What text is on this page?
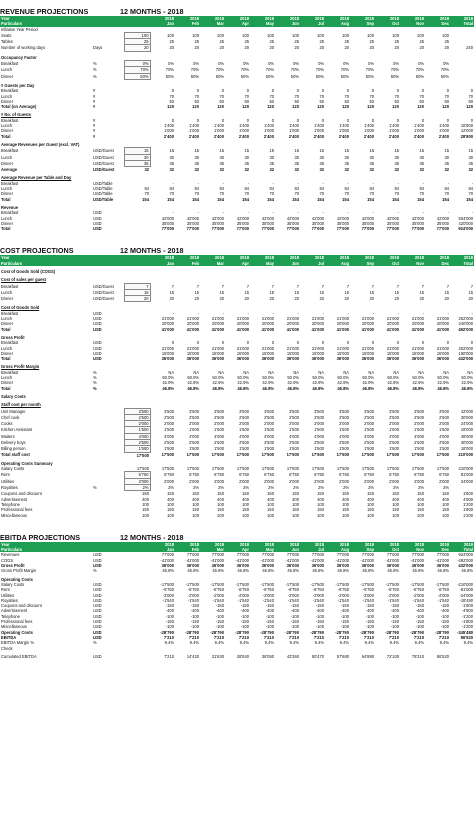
REVENUE PROJECTIONS	12 MONTHS - 2018
Year			2018	2018	2018	2018	2018	2018	2018	2018	2018	2018	2018	2018	2018
Particulars			Jan	Feb	Mar	Apr	May	Jun	Jul	Aug	Sep	Oct	Nov	Dec	Total
Inflation Year Period															
Seats		100	100	100	100	100	100	100	100	100	100	100	100	100	
Tables		25	25	25	25	25	25	25	25	25	25	25	25	25	
Number of working days	Days	20	20	20	20	20	20	20	20	20	20	20	20	20	240

Occupancy Factor															
Breakfast	%	0%	0%	0%	0%	0%	0%	0%	0%	0%	0%	0%	0%	0%	
Lunch	%	70%	70%	70%	70%	70%	70%	70%	70%	70%	70%	70%	70%	70%	
Dinner	%	50%	50%	50%	50%	50%	50%	50%	50%	50%	50%	50%	50%	50%	

# Guests per Day															
Breakfast	#		0	0	0	0	0	0	0	0	0	0	0	0	0
Lunch	#		70	70	70	70	70	70	70	70	70	70	70	70	70
Dinner	#		50	50	50	50	50	50	50	50	50	50	50	50	50
Total (on Average)	#		120	120	120	120	120	120	120	120	120	120	120	120	120

# No. of Guests															
Breakfast	#		0	0	0	0	0	0	0	0	0	0	0	0	0
Lunch	#		1'400	1'400	1'400	1'400	1'400	1'400	1'400	1'400	1'400	1'400	1'400	1'400	16'800
Dinner	#		1'000	1'000	1'000	1'000	1'000	1'000	1'000	1'000	1'000	1'000	1'000	1'000	12'000
Total	#		2'400	2'400	2'400	2'400	2'400	2'400	2'400	2'400	2'400	2'400	2'400	2'400	28'800

Average Revenues per Guest (excl. VAT)															
Breakfast	USD/Guest	15	15	15	15	15	15	15	15	15	15	15	15	15	15
Lunch	USD/Guest	30	30	30	30	30	30	30	30	30	30	30	30	30	30
Dinner	USD/Guest	35	35	35	35	35	35	35	35	35	35	35	35	35	35
Average	USD/Guest	32	32	32	32	32	32	32	32	32	32	32	32	32	32

Average Revenue per Table and Day															
Breakfast	USD/Table		-	-	-	-	-	-	-	-	-	-	-	-	-
Lunch	USD/Table	84	84	84	84	84	84	84	84	84	84	84	84	84	84
Dinner	USD/Table	70	70	70	70	70	70	70	70	70	70	70	70	70	70
Total	USD/Table	154	154	154	154	154	154	154	154	154	154	154	154	154	154

Revenue															
Breakfast	USD		-	-	-	-	-	-	-	-	-	-	-	-	-
Lunch	USD		42'000	42'000	42'000	42'000	42'000	42'000	42'000	42'000	42'000	42'000	42'000	42'000	504'000
Dinner	USD		35'000	35'000	35'000	35'000	35'000	35'000	35'000	35'000	35'000	35'000	35'000	35'000	420'000
Total	USD		77'000	77'000	77'000	77'000	77'000	77'000	77'000	77'000	77'000	77'000	77'000	77'000	924'000
COST PROJECTIONS	12 MONTHS - 2018
Year			2018	2018	2018	2018	2018	2018	2018	2018	2018	2018	2018	2018	2018
Particulars			Jan	Feb	Mar	Apr	May	Jun	Jul	Aug	Sep	Oct	Nov	Dec	Total

Cost of Goods Sold (COGS)															

Cost of sales per guest															
Breakfast	USD/Guest	7	7	7	7	7	7	7	7	7	7	7	7	7	7
Lunch	USD/Guest	15	15	15	15	15	15	15	15	15	15	15	15	15	15
Dinner	USD/Guest	20	20	20	20	20	20	20	20	20	20	20	20	20	20

Cost of Goods Sold															
Breakfast	USD		-	-	-	-	-	-	-	-	-	-	-	-	-
Lunch	USD		21'000	21'000	21'000	21'000	21'000	21'000	21'000	21'000	21'000	21'000	21'000	21'000	252'000
Dinner	USD		20'000	20'000	20'000	20'000	20'000	20'000	20'000	20'000	20'000	20'000	20'000	20'000	240'000
Total	USD		41'000	41'000	41'000	41'000	41'000	41'000	41'000	41'000	41'000	41'000	41'000	41'000	492'000

Gross Profit															
Breakfast	USD		0	0	0	0	0	0	0	0	0	0	0	0	0
Lunch	USD		21'000	21'000	21'000	21'000	21'000	21'000	21'000	21'000	21'000	21'000	21'000	21'000	252'000
Dinner	USD		15'000	15'000	15'000	15'000	15'000	15'000	15'000	15'000	15'000	15'000	15'000	15'000	180'000
Total	USD		36'000	36'000	36'000	36'000	36'000	36'000	36'000	36'000	36'000	36'000	36'000	36'000	432'000

Gross Profit Margin															
Breakfast	%		NA	NA	NA	NA	NA	NA	NA	NA	NA	NA	NA	NA	NA
Lunch	%		50.0%	50.0%	50.0%	50.0%	50.0%	50.0%	50.0%	50.0%	50.0%	50.0%	50.0%	50.0%	50.0%
Dinner	%		42.9%	42.9%	42.9%	42.9%	42.9%	42.9%	42.9%	42.9%	42.9%	42.9%	42.9%	42.9%	42.9%
Total	%		46.8%	46.8%	46.8%	46.8%	46.8%	46.8%	46.8%	46.8%	46.8%	46.8%	46.8%	46.8%	46.8%

Salary Costs															

Staff cost per month															
Unit Manager		3'500	3'500	3'500	3'500	3'500	3'500	3'500	3'500	3'500	3'500	3'500	3'500	3'500	42'000
Chef cook		2'500	2'500	2'500	2'500	2'500	2'500	2'500	2'500	2'500	2'500	2'500	2'500	2'500	30'000
Cooks		2'000	2'000	2'000	2'000	2'000	2'000	2'000	2'000	2'000	2'000	2'000	2'000	2'000	24'000
Kitchen Assistant		1'500	1'500	1'500	1'500	1'500	1'500	1'500	1'500	1'500	1'500	1'500	1'500	1'500	18'000
Waiters		4'000	4'000	4'000	4'000	4'000	4'000	4'000	4'000	4'000	4'000	4'000	4'000	4'000	48'000
Delivery boys		2'500	2'500	2'500	2'500	2'500	2'500	2'500	2'500	2'500	2'500	2'500	2'500	2'500	30'000
Billing person		1'500	1'500	1'500	1'500	1'500	1'500	1'500	1'500	1'500	1'500	1'500	1'500	1'500	18'000
Total staff cost		17'500	17'500	17'500	17'500	17'500	17'500	17'500	17'500	17'500	17'500	17'500	17'500	17'500	210'000

Operating Costs Summary															
Salary Costs		17'500	17'500	17'500	17'500	17'500	17'500	17'500	17'500	17'500	17'500	17'500	17'500	17'500	210'000
Rent		6'750	6'750	6'750	6'750	6'750	6'750	6'750	6'750	6'750	6'750	6'750	6'750	6'750	81'000
Utilities		2'000	2'000	2'000	2'000	2'000	2'000	2'000	2'000	2'000	2'000	2'000	2'000	2'000	24'000
Royalties	%	2%	2%	2%	2%	2%	2%	2%	2%	2%	2%	2%	2%	2%	
Coupons and discount		150	150	150	150	150	150	150	150	150	150	150	150	150	1'800
Advertisement		400	400	400	400	400	400	400	400	400	400	400	400	400	4'800
Telephone		100	100	100	100	100	100	100	100	100	100	100	100	100	1'200
Professional fees		150	150	150	150	150	150	150	150	150	150	150	150	150	1'800
Miscellaneous		100	100	100	100	100	100	100	100	100	100	100	100	100	1'200
EBITDA PROJECTIONS	12 MONTHS - 2018
Year			2018	2018	2018	2018	2018	2018	2018	2018	2018	2018	2018	2018	2018
Particulars			Jan	Feb	Mar	Apr	May	Jun	Jul	Aug	Sep	Oct	Nov	Dec	Total
Revenues	USD		77'000	77'000	77'000	77'000	77'000	77'000	77'000	77'000	77'000	77'000	77'000	77'000	924'000
COGS	USD		-41'000	-41'000	-41'000	-41'000	-41'000	-41'000	-41'000	-41'000	-41'000	-41'000	-41'000	-41'000	-492'000
Gross Profit	USD		36'000	36'000	36'000	36'000	36'000	36'000	36'000	36'000	36'000	36'000	36'000	36'000	432'000
Gross Profit Margin	%		46.8%	46.8%	46.8%	46.8%	46.8%	46.8%	46.8%	46.8%	46.8%	46.8%	46.8%	46.8%	46.8%

Operating Costs															
Salary Costs	USD		-17'500	-17'500	-17'500	-17'500	-17'500	-17'500	-17'500	-17'500	-17'500	-17'500	-17'500	-17'500	-210'000
Rent	USD		-6'750	-6'750	-6'750	-6'750	-6'750	-6'750	-6'750	-6'750	-6'750	-6'750	-6'750	-6'750	-81'000
Utilities	USD		-2'000	-2'000	-2'000	-2'000	-2'000	-2'000	-2'000	-2'000	-2'000	-2'000	-2'000	-2'000	-24'000
Royalties	USD		-1'540	-1'540	-1'540	-1'540	-1'540	-1'540	-1'540	-1'540	-1'540	-1'540	-1'540	-1'540	-18'480
Coupons and discount	USD		-150	-150	-150	-150	-150	-150	-150	-150	-150	-150	-150	-150	-1'800
Advertisement	USD		-400	-400	-400	-400	-400	-400	-400	-400	-400	-400	-400	-400	-4'800
Telephone	USD		-100	-100	-100	-100	-100	-100	-100	-100	-100	-100	-100	-100	-1'200
Professional fees	USD		-150	-150	-150	-150	-150	-150	-150	-150	-150	-150	-150	-150	-1'800
Miscellaneous	USD		-100	-100	-100	-100	-100	-100	-100	-100	-100	-100	-100	-100	-1'200
Operating Costs	USD		-28'790	-28'790	-28'790	-28'790	-28'790	-28'790	-28'790	-28'790	-28'790	-28'790	-28'790	-28'790	-345'480
EBITDA	USD		7'210	7'210	7'210	7'210	7'210	7'210	7'210	7'210	7'210	7'210	7'210	7'210	86'520
EBITDA Margin %	%		9.4%	9.4%	9.4%	9.4%	9.4%	9.4%	9.4%	9.4%	9.4%	9.4%	9.4%	9.4%	9.4%
Check															

Cumulated EBITDA	USD		7'210	14'420	21'630	28'840	36'050	43'260	50'470	57'680	64'890	72'100	79'310	86'520	
